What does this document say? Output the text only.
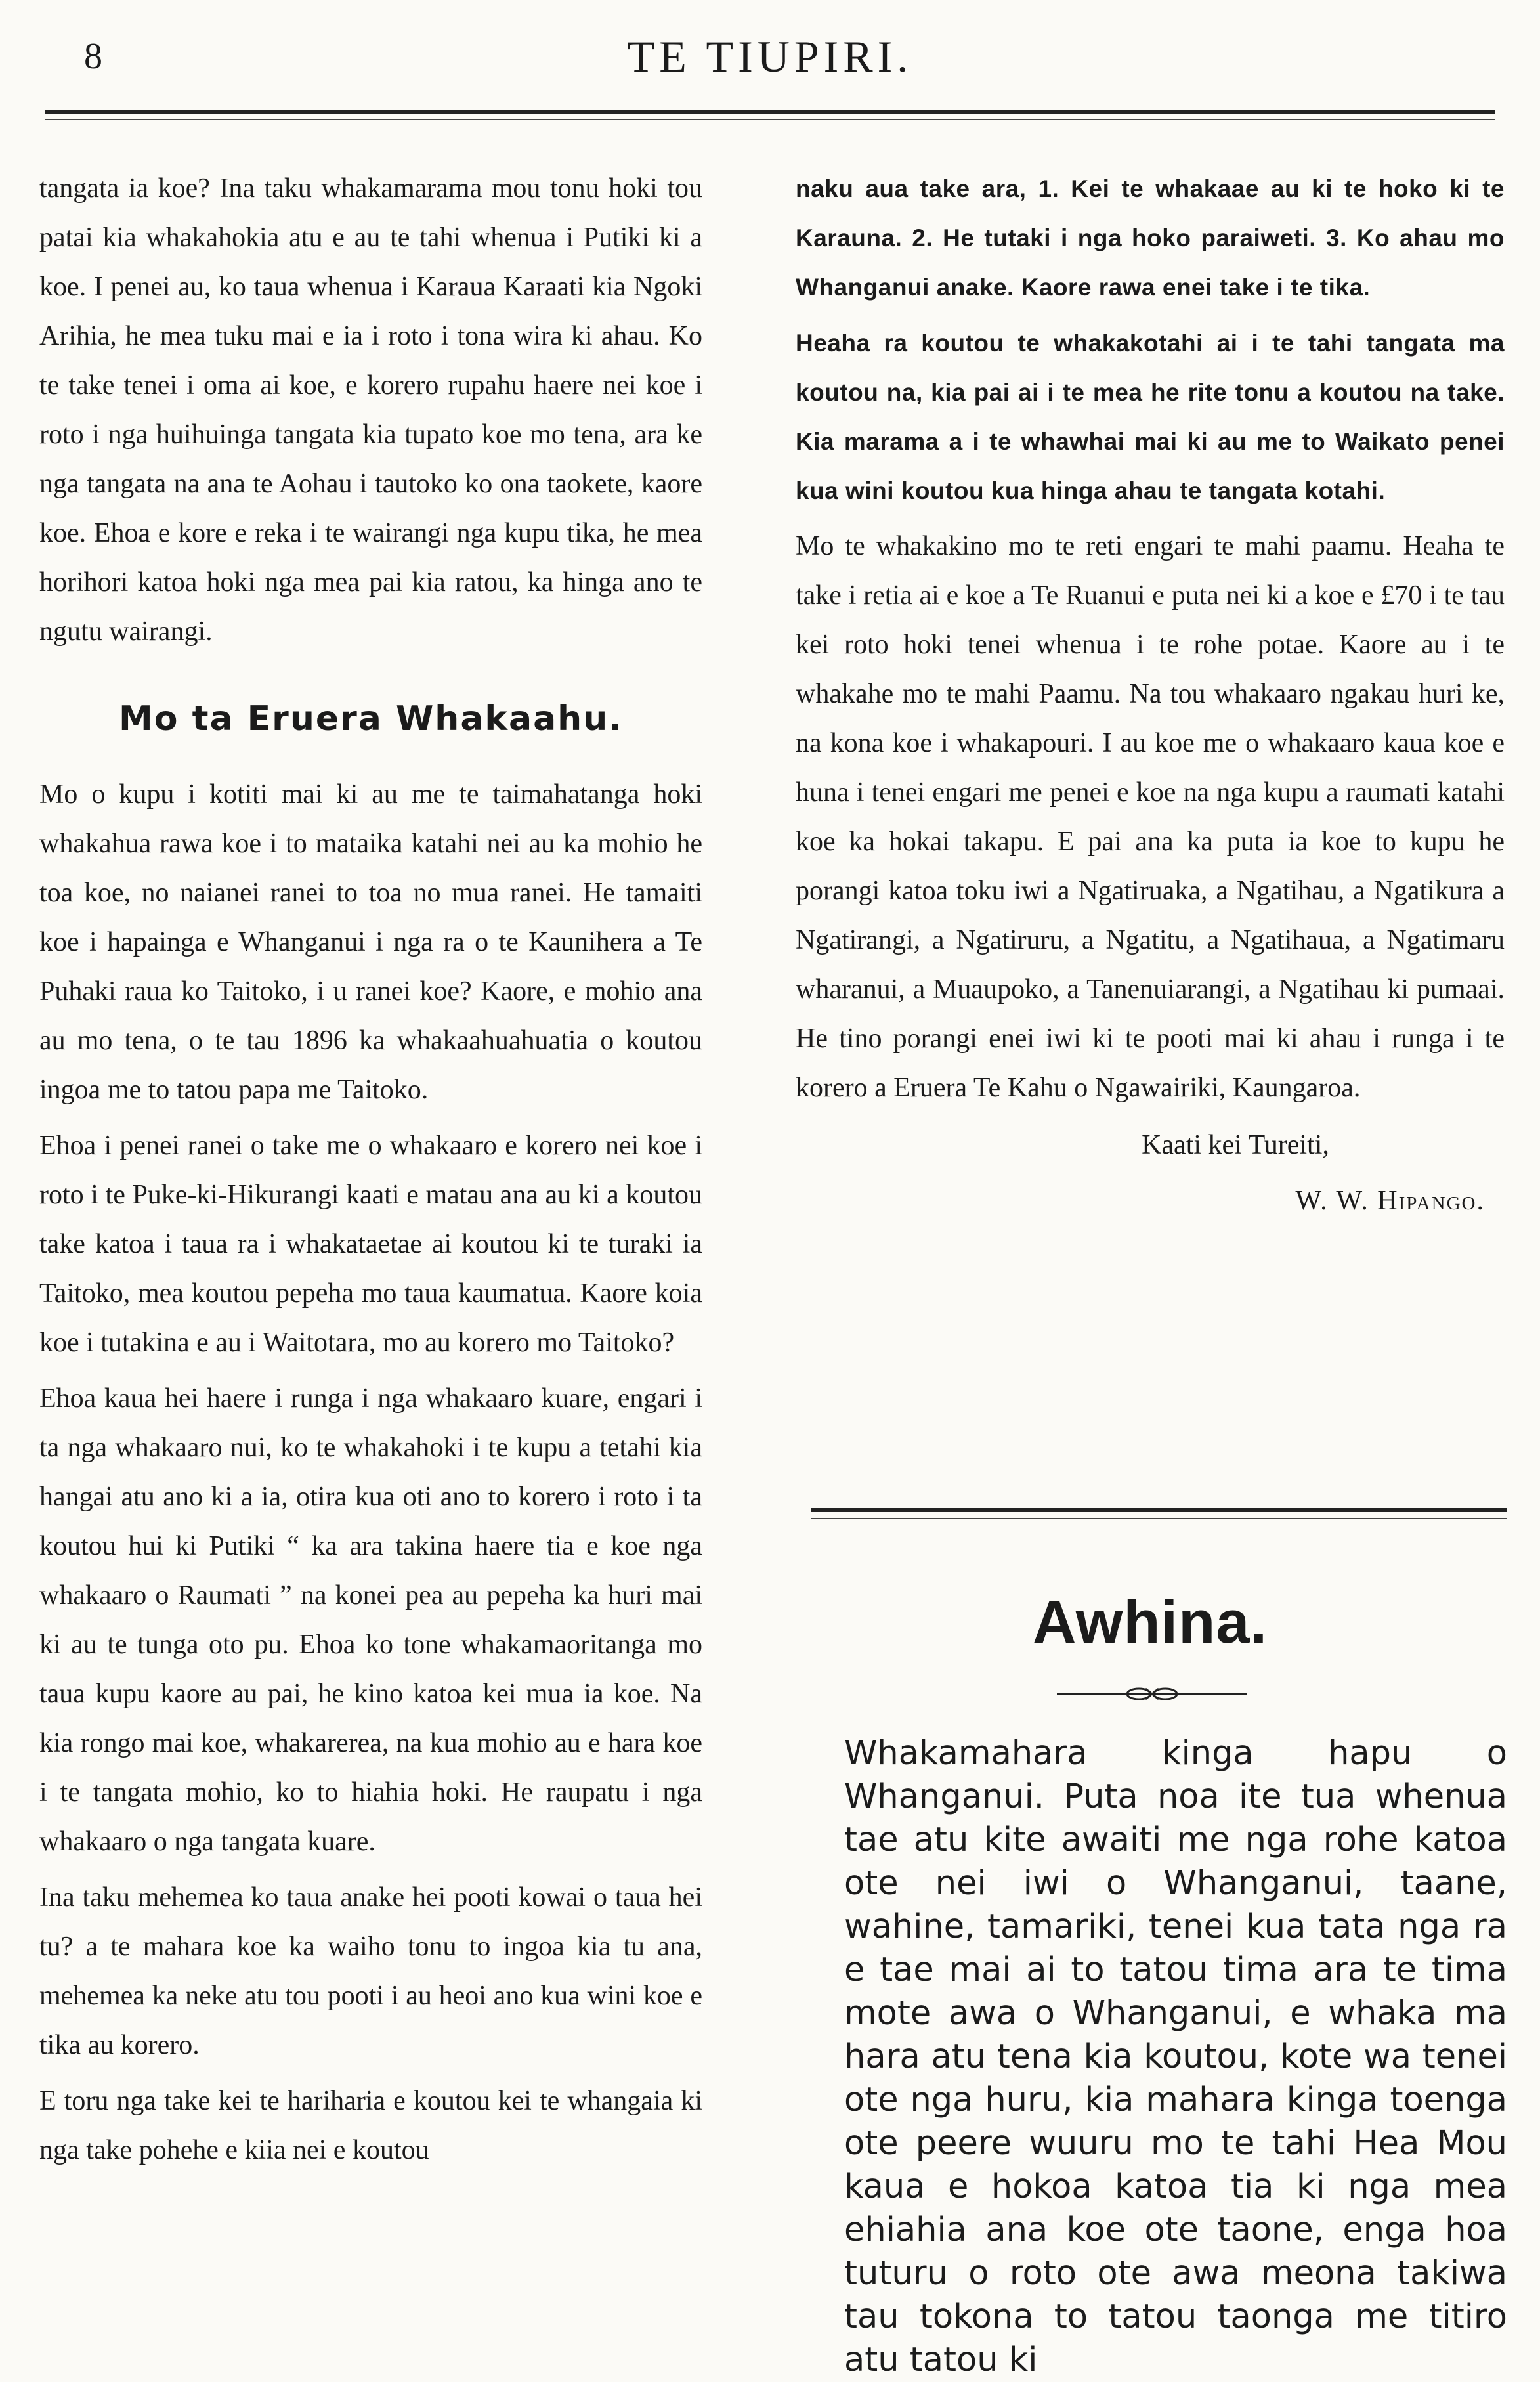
8	TE TIUPIRI.

tangata ia koe? Ina taku whakamarama mou tonu hoki tou patai kia whakahokia atu e au te tahi whenua i Putiki ki a koe. I penei au, ko taua whenua i Karaua Karaati kia Ngoki Arihia, he mea tuku mai e ia i roto i tona wira ki ahau. Ko te take tenei i oma ai koe, e korero rupahu haere nei koe i roto i nga huihuinga tangata kia tupato koe mo tena, ara ke nga tangata na ana te Aohau i tautoko ko ona taokete, kaore koe. Ehoa e kore e reka i te wairangi nga kupu tika, he mea horihori katoa hoki nga mea pai kia ratou, ka hinga ano te ngutu wairangi.

Mo ta Eruera Whakaahu.

Mo o kupu i kotiti mai ki au me te taimahatanga hoki whakahua rawa koe i to mataika katahi nei au ka mohio he toa koe, no naianei ranei to toa no mua ranei. He tamaiti koe i hapainga e Whanganui i nga ra o te Kaunihera a Te Puhaki raua ko Taitoko, i u ranei koe? Kaore, e mohio ana au mo tena, o te tau 1896 ka whakaahuahuatia o koutou ingoa me to tatou papa me Taitoko.

Ehoa i penei ranei o take me o whakaaro e korero nei koe i roto i te Puke-ki-Hikurangi kaati e matau ana au ki a koutou take katoa i taua ra i whakataetae ai koutou ki te turaki ia Taitoko, mea koutou pepeha mo taua kaumatua. Kaore koia koe i tutakina e au i Waitotara, mo au korero mo Taitoko?

Ehoa kaua hei haere i runga i nga whakaaro kuare, engari i ta nga whakaaro nui, ko te whakahoki i te kupu a tetahi kia hangai atu ano ki a ia, otira kua oti ano to korero i roto i ta koutou hui ki Putiki “ ka ara takina haere tia e koe nga whakaaro o Raumati ” na konei pea au pepeha ka huri mai ki au te tunga oto pu. Ehoa ko tone whakamaoritanga mo taua kupu kaore au pai, he kino katoa kei mua ia koe. Na kia rongo mai koe, whakarerea, na kua mohio au e hara koe i te tangata mohio, ko to hiahia hoki. He raupatu i nga whakaaro o nga tangata kuare.

Ina taku mehemea ko taua anake hei pooti kowai o taua hei tu? a te mahara koe ka waiho tonu to ingoa kia tu ana, mehemea ka neke atu tou pooti i au heoi ano kua wini koe e tika au korero.

E toru nga take kei te hariharia e koutou kei te whangaia ki nga take pohehe e kiia nei e koutou

naku aua take ara, 1. Kei te whakaae au ki te hoko ki te Karauna. 2. He tutaki i nga hoko paraiweti. 3. Ko ahau mo Whanganui anake. Kaore rawa enei take i te tika.

Heaha ra koutou te whakakotahi ai i te tahi tangata ma koutou na, kia pai ai i te mea he rite tonu a koutou na take. Kia marama a i te whawhai mai ki au me to Waikato penei kua wini koutou kua hinga ahau te tangata kotahi.

Mo te whakakino mo te reti engari te mahi paamu. Heaha te take i retia ai e koe a Te Ruanui e puta nei ki a koe e £70 i te tau kei roto hoki tenei whenua i te rohe potae. Kaore au i te whakahe mo te mahi Paamu. Na tou whakaaro ngakau huri ke, na kona koe i whakapouri. I au koe me o whakaaro kaua koe e huna i tenei engari me penei e koe na nga kupu a raumati katahi koe ka hokai takapu. E pai ana ka puta ia koe to kupu he porangi katoa toku iwi a Ngatiruaka, a Ngatihau, a Ngatikura a Ngatirangi, a Ngatiruru, a Ngatitu, a Ngatihaua, a Ngatimaru wharanui, a Muaupoko, a Tanenuiarangi, a Ngatihau ki pumaai. He tino porangi enei iwi ki te pooti mai ki ahau i runga i te korero a Eruera Te Kahu o Ngawairiki, Kaungaroa.

Kaati kei Tureiti,
W. W. Hipango.
Awhina.
Whakamahara kinga hapu o Whanganui. Puta noa ite tua whenua tae atu kite awaiti me nga rohe katoa ote nei iwi o Whanganui, taane, wahine, tamariki, tenei kua tata nga ra e tae mai ai to tatou tima ara te tima mote awa o Whanganui, e whaka ma hara atu tena kia koutou, kote wa tenei ote nga huru, kia mahara kinga toenga ote peere wuuru mo te tahi Hea Mou kaua e hokoa katoa tia ki nga mea ehiahia ana koe ote taone, enga hoa tuturu o roto ote awa meona takiwa tau tokona to tatou taonga me titiro atu tatou ki
